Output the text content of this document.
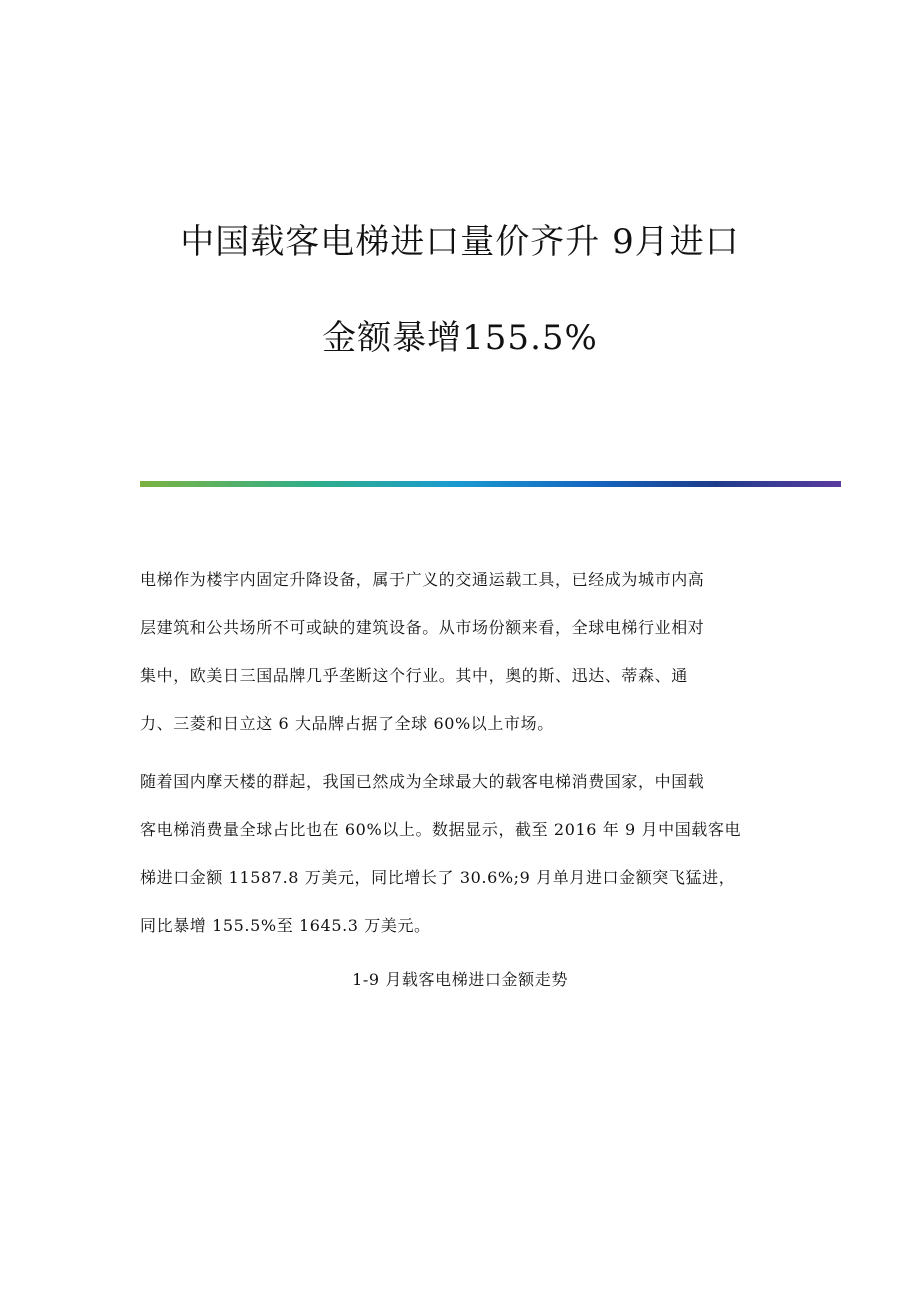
中国载客电梯进口量价齐升 9月进口
金额暴增155.5%
电梯作为楼宇内固定升降设备，属于广义的交通运载工具，已经成为城市内高
层建筑和公共场所不可或缺的建筑设备。从市场份额来看，全球电梯行业相对
集中，欧美日三国品牌几乎垄断这个行业。其中，奥的斯、迅达、蒂森、通
力、三菱和日立这 6 大品牌占据了全球 60%以上市场。
随着国内摩天楼的群起，我国已然成为全球最大的载客电梯消费国家，中国载
客电梯消费量全球占比也在 60%以上。数据显示，截至 2016 年 9 月中国载客电
梯进口金额 11587.8 万美元，同比增长了 30.6%;9 月单月进口金额突飞猛进，
同比暴增 155.5%至 1645.3 万美元。
1-9 月载客电梯进口金额走势
